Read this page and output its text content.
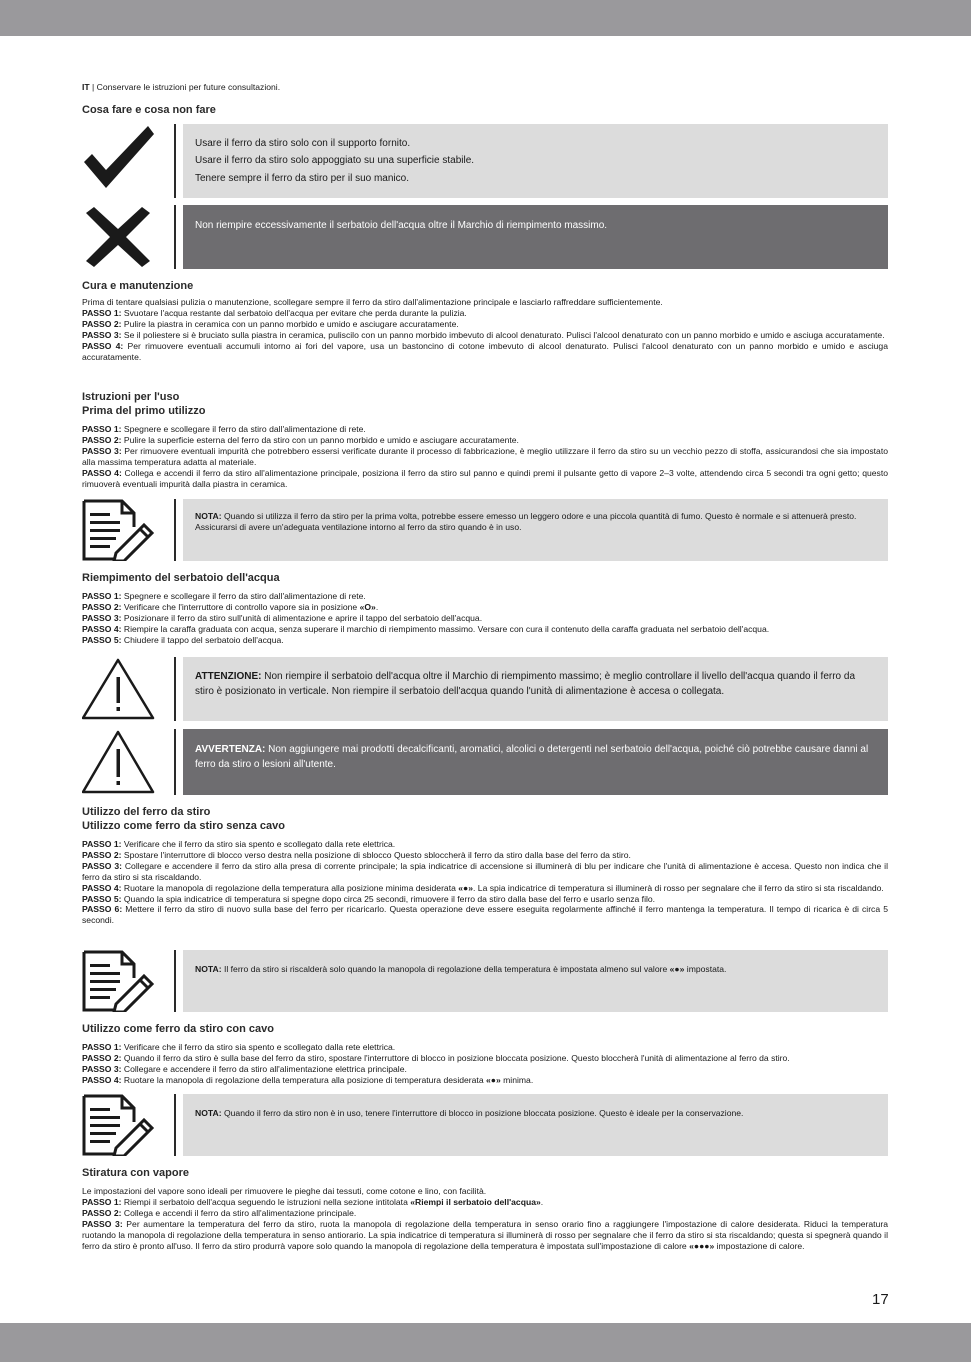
IT | Conservare le istruzioni per future consultazioni.
Cosa fare e cosa non fare

Usare il ferro da stiro solo con il supporto fornito.

Usare il ferro da stiro solo appoggiato su una superficie stabile.

Tenere sempre il ferro da stiro per il suo manico.

Non riempire eccessivamente il serbatoio dell'acqua oltre il Marchio di riempimento massimo.

Cura e manutenzione
Prima di tentare qualsiasi pulizia o manutenzione, scollegare sempre il ferro da stiro dall'alimentazione principale e lasciarlo raffreddare sufficientemente.
PASSO 1: Svuotare l'acqua restante dal serbatoio dell'acqua per evitare che perda durante la pulizia.
PASSO 2: Pulire la piastra in ceramica con un panno morbido e umido e asciugare accuratamente.
PASSO 3: Se il poliestere si è bruciato sulla piastra in ceramica, puliscilo con un panno morbido imbevuto di alcool denaturato. Pulisci l'alcool denaturato con un panno morbido e umido e asciuga accuratamente.
PASSO 4: Per rimuovere eventuali accumuli intorno ai fori del vapore, usa un bastoncino di cotone imbevuto di alcool denaturato. Pulisci l'alcool denaturato con un panno morbido e umido e asciuga accuratamente.
Istruzioni per l'uso
Prima del primo utilizzo
PASSO 1: Spegnere e scollegare il ferro da stiro dall'alimentazione di rete.
PASSO 2: Pulire la superficie esterna del ferro da stiro con un panno morbido e umido e asciugare accuratamente.
PASSO 3: Per rimuovere eventuali impurità che potrebbero essersi verificate durante il processo di fabbricazione, è meglio utilizzare il ferro da stiro su un vecchio pezzo di stoffa, assicurandosi che sia impostato alla massima temperatura adatta al materiale.
PASSO 4: Collega e accendi il ferro da stiro all'alimentazione principale, posiziona il ferro da stiro sul panno e quindi premi il pulsante getto di vapore 2–3 volte, attendendo circa 5 secondi tra ogni getto; questo rimuoverà eventuali impurità dalla piastra in ceramica.

NOTA: Quando si utilizza il ferro da stiro per la prima volta, potrebbe essere emesso un leggero odore e una piccola quantità di fumo. Questo è normale e si attenuerà presto. Assicurarsi di avere un'adeguata ventilazione intorno al ferro da stiro quando è in uso.

Riempimento del serbatoio dell'acqua
PASSO 1: Spegnere e scollegare il ferro da stiro dall'alimentazione di rete.
PASSO 2: Verificare che l'interruttore di controllo vapore sia in posizione «O».
PASSO 3: Posizionare il ferro da stiro sull'unità di alimentazione e aprire il tappo del serbatoio dell'acqua.
PASSO 4: Riempire la caraffa graduata con acqua, senza superare il marchio di riempimento massimo. Versare con cura il contenuto della caraffa graduata nel serbatoio dell'acqua.
PASSO 5: Chiudere il tappo del serbatoio dell'acqua.

ATTENZIONE: Non riempire il serbatoio dell'acqua oltre il Marchio di riempimento massimo; è meglio controllare il livello dell'acqua quando il ferro da stiro è posizionato in verticale. Non riempire il serbatoio dell'acqua quando l'unità di alimentazione è accesa o collegata.

AVVERTENZA: Non aggiungere mai prodotti decalcificanti, aromatici, alcolici o detergenti nel serbatoio dell'acqua, poiché ciò potrebbe causare danni al ferro da stiro o lesioni all'utente.

Utilizzo del ferro da stiro
Utilizzo come ferro da stiro senza cavo
PASSO 1: Verificare che il ferro da stiro sia spento e scollegato dalla rete elettrica.
PASSO 2: Spostare l'interruttore di blocco verso destra nella posizione di sblocco Questo sbloccherà il ferro da stiro dalla base del ferro da stiro.
PASSO 3: Collegare e accendere il ferro da stiro alla presa di corrente principale; la spia indicatrice di accensione si illuminerà di blu per indicare che l'unità di alimentazione è accesa. Questo non indica che il ferro da stiro si sta riscaldando.
PASSO 4: Ruotare la manopola di regolazione della temperatura alla posizione minima desiderata «●». La spia indicatrice di temperatura si illuminerà di rosso per segnalare che il ferro da stiro si sta riscaldando.
PASSO 5: Quando la spia indicatrice di temperatura si spegne dopo circa 25 secondi, rimuovere il ferro da stiro dalla base del ferro e usarlo senza filo.
PASSO 6: Mettere il ferro da stiro di nuovo sulla base del ferro per ricaricarlo. Questa operazione deve essere eseguita regolarmente affinché il ferro mantenga la temperatura. Il tempo di ricarica è di circa 5 secondi.

NOTA: Il ferro da stiro si riscalderà solo quando la manopola di regolazione della temperatura è impostata almeno sul valore «●» impostata.

Utilizzo come ferro da stiro con cavo
PASSO 1: Verificare che il ferro da stiro sia spento e scollegato dalla rete elettrica.
PASSO 2: Quando il ferro da stiro è sulla base del ferro da stiro, spostare l'interruttore di blocco in posizione bloccata posizione. Questo bloccherà l'unità di alimentazione al ferro da stiro.
PASSO 3: Collegare e accendere il ferro da stiro all'alimentazione elettrica principale.
PASSO 4: Ruotare la manopola di regolazione della temperatura alla posizione di temperatura desiderata «●» minima.

NOTA: Quando il ferro da stiro non è in uso, tenere l'interruttore di blocco in posizione bloccata posizione. Questo è ideale per la conservazione.

Stiratura con vapore
Le impostazioni del vapore sono ideali per rimuovere le pieghe dai tessuti, come cotone e lino, con facilità.
PASSO 1: Riempi il serbatoio dell'acqua seguendo le istruzioni nella sezione intitolata «Riempi il serbatoio dell'acqua».
PASSO 2: Collega e accendi il ferro da stiro all'alimentazione principale.
PASSO 3: Per aumentare la temperatura del ferro da stiro, ruota la manopola di regolazione della temperatura in senso orario fino a raggiungere l'impostazione di calore desiderata. Riduci la temperatura ruotando la manopola di regolazione della temperatura in senso antiorario. La spia indicatrice di temperatura si illuminerà di rosso per segnalare che il ferro da stiro si sta riscaldando; questa si spegnerà quando il ferro da stiro è pronto all'uso. Il ferro da stiro produrrà vapore solo quando la manopola di regolazione della temperatura è impostata sull'impostazione di calore «●●●» impostazione di calore.
17
